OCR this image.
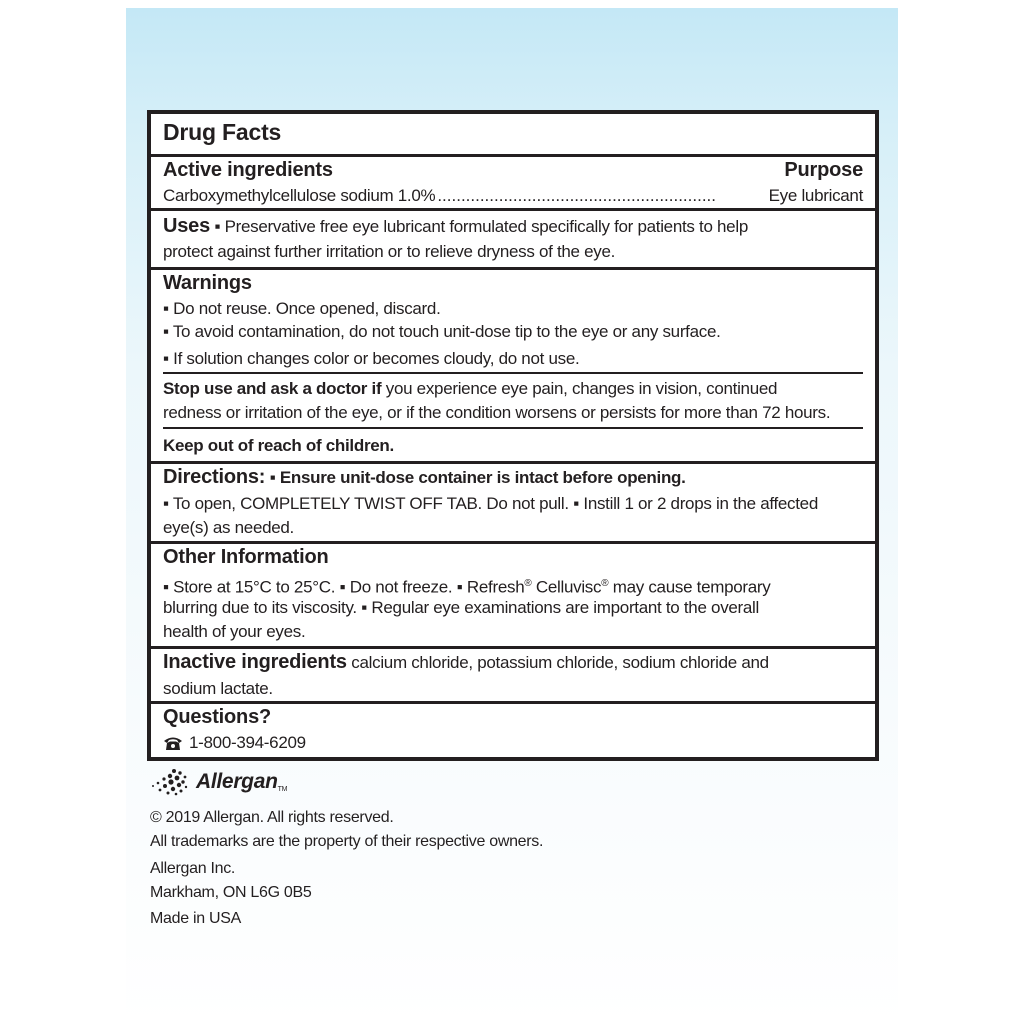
Drug Facts
Active ingredients	Purpose
Carboxymethylcellulose sodium 1.0% ...........................................................	Eye lubricant
Uses ▪ Preservative free eye lubricant formulated specifically for patients to help
protect against further irritation or to relieve dryness of the eye.
Warnings
▪ Do not reuse. Once opened, discard.
▪ To avoid contamination, do not touch unit-dose tip to the eye or any surface.
▪ If solution changes color or becomes cloudy, do not use.
Stop use and ask a doctor if you experience eye pain, changes in vision, continued
redness or irritation of the eye, or if the condition worsens or persists for more than 72 hours.
Keep out of reach of children.
Directions: ▪ Ensure unit-dose container is intact before opening.
▪ To open, COMPLETELY TWIST OFF TAB. Do not pull. ▪ Instill 1 or 2 drops in the affected
eye(s) as needed.
Other Information
▪ Store at 15°C to 25°C. ▪ Do not freeze. ▪ Refresh® Celluvisc® may cause temporary
blurring due to its viscosity. ▪ Regular eye examinations are important to the overall
health of your eyes.
Inactive ingredients calcium chloride, potassium chloride, sodium chloride and
sodium lactate.
Questions?
1-800-394-6209
Allergan TM
© 2019 Allergan. All rights reserved.
All trademarks are the property of their respective owners.
Allergan Inc.
Markham, ON L6G 0B5
Made in USA
